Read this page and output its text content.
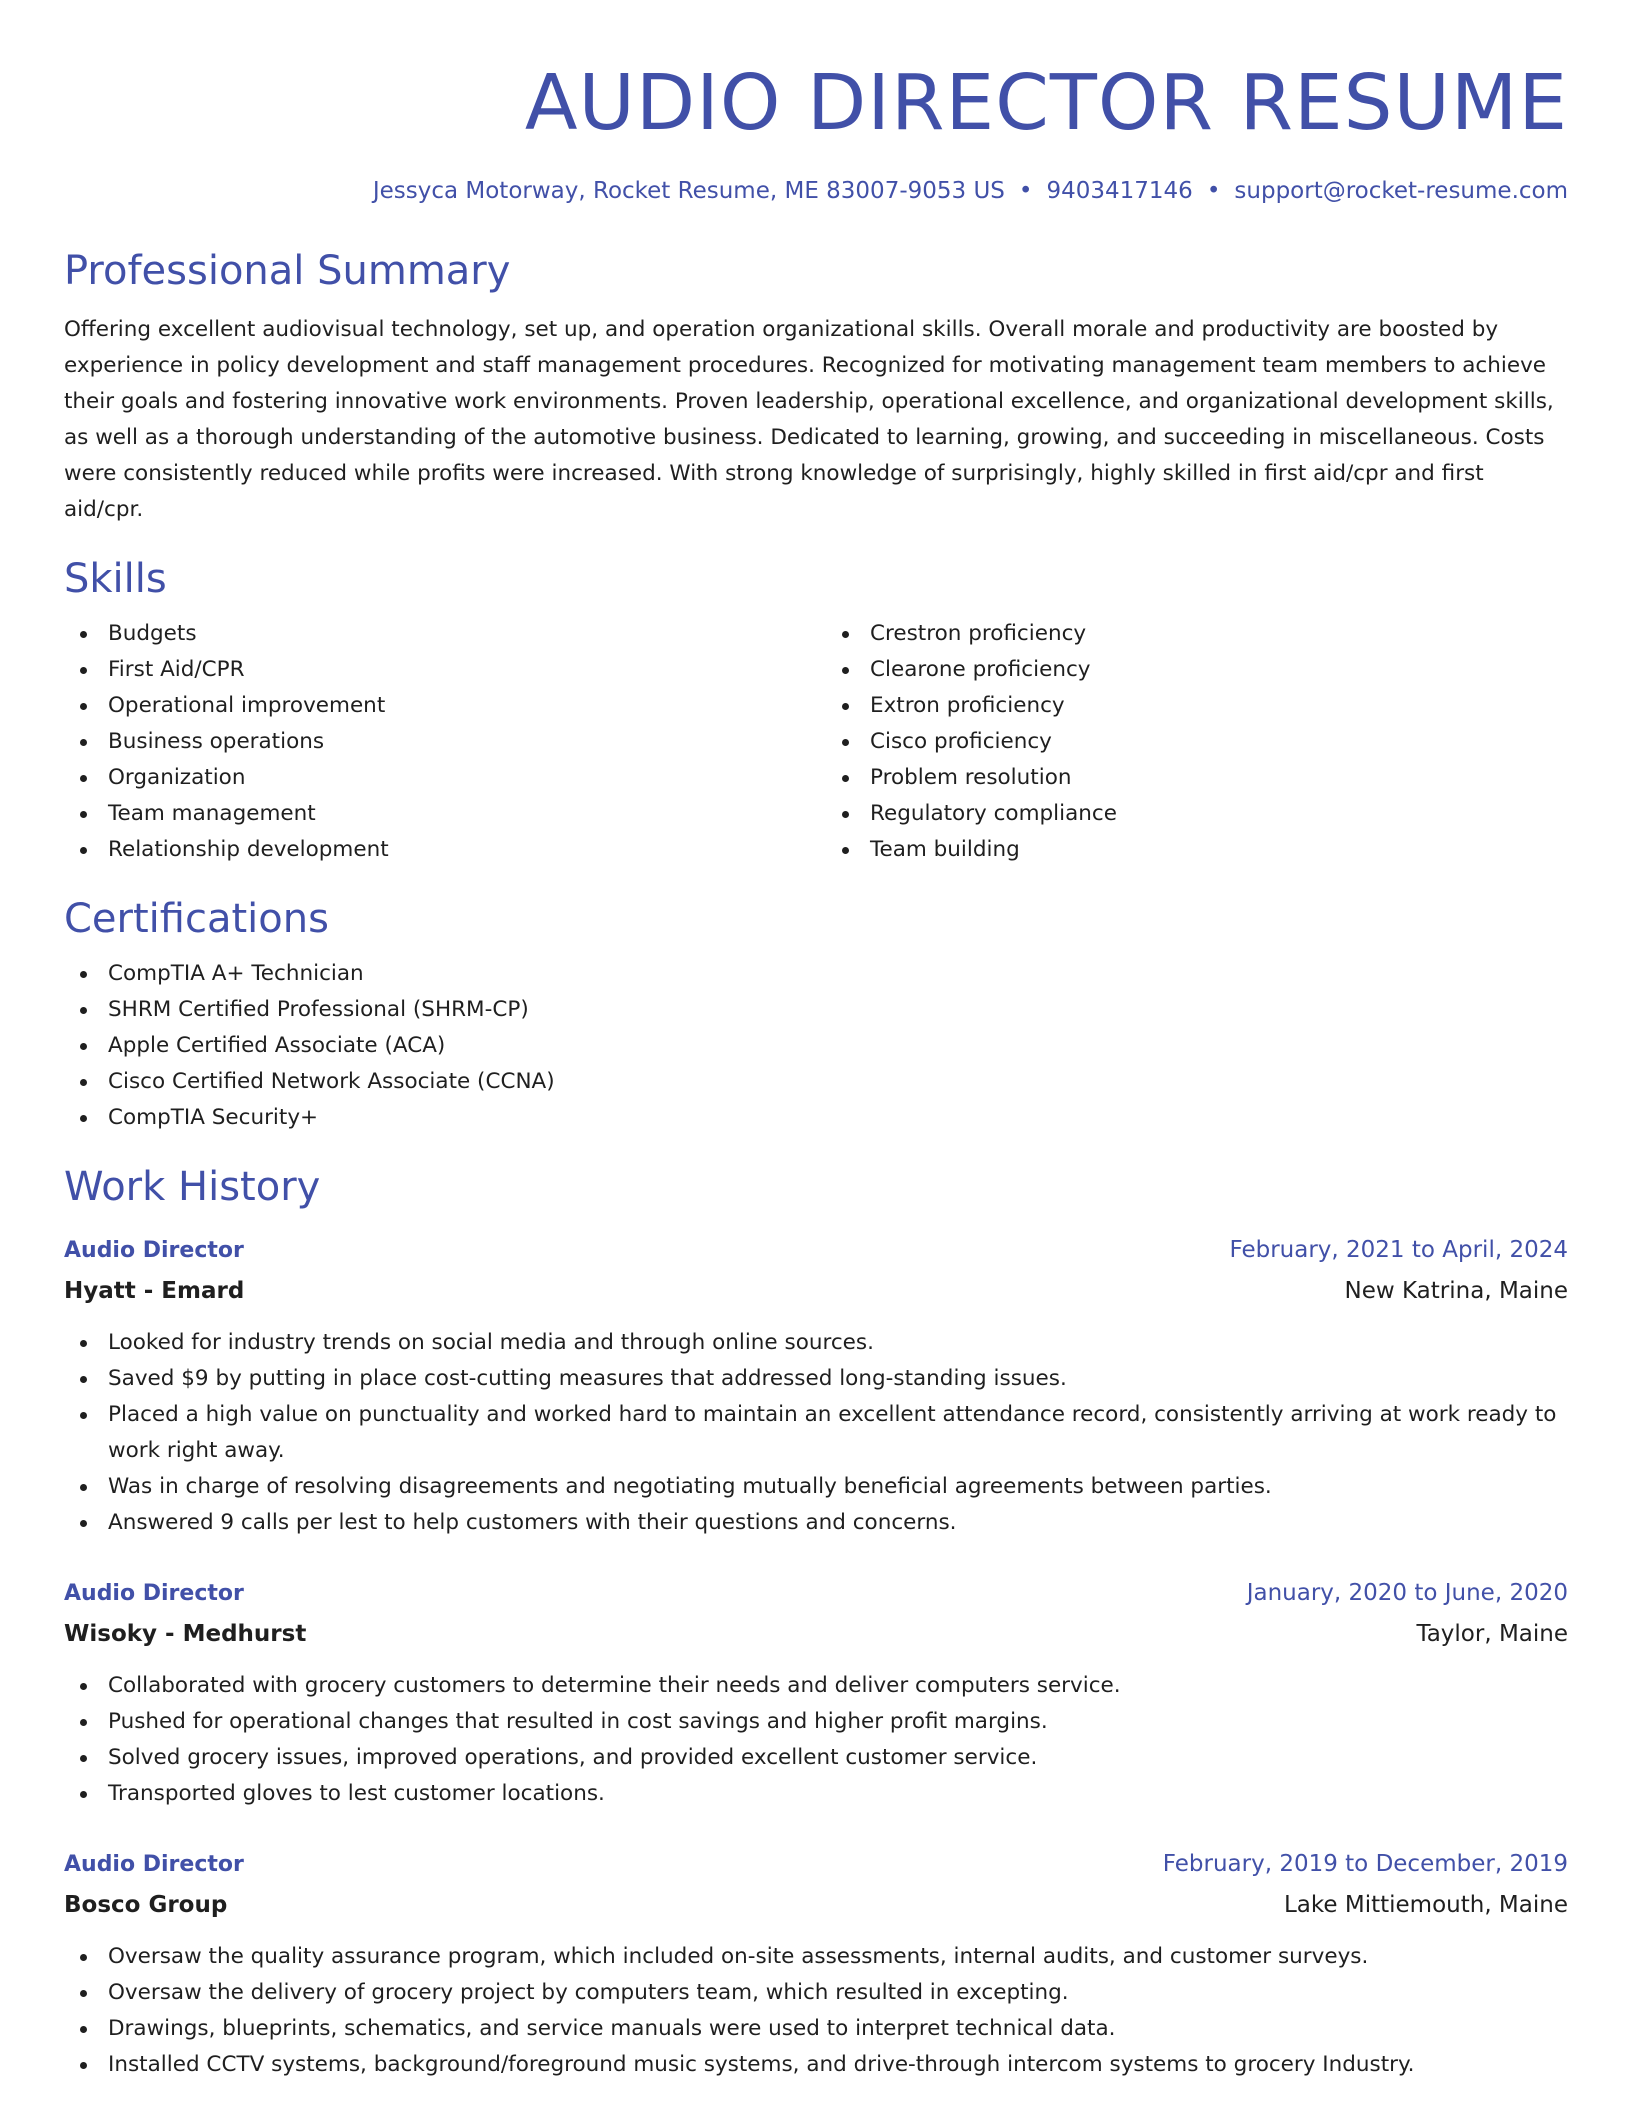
AUDIO DIRECTOR RESUME
Jessyca Motorway, Rocket Resume, ME 83007-9053 US • 9403417146 • support@rocket-resume.com
Professional Summary

Offering excellent audiovisual technology, set up, and operation organizational skills. Overall morale and productivity are boosted by experience in policy development and staff management procedures. Recognized for motivating management team members to achieve their goals and fostering innovative work environments. Proven leadership, operational excellence, and organizational development skills, as well as a thorough understanding of the automotive business. Dedicated to learning, growing, and succeeding in miscellaneous. Costs were consistently reduced while profits were increased. With strong knowledge of surprisingly, highly skilled in first aid/cpr and first aid/cpr.

Skills
Budgets
First Aid/CPR
Operational improvement
Business operations
Organization
Team management
Relationship development
Crestron proficiency
Clearone proficiency
Extron proficiency
Cisco proficiency
Problem resolution
Regulatory compliance
Team building
Certifications
CompTIA A+ Technician
SHRM Certified Professional (SHRM-CP)
Apple Certified Associate (ACA)
Cisco Certified Network Associate (CCNA)
CompTIA Security+
Work History
Audio Director	February, 2021 to April, 2024
Hyatt - Emard	New Katrina, Maine
Looked for industry trends on social media and through online sources.
Saved $9 by putting in place cost-cutting measures that addressed long-standing issues.
Placed a high value on punctuality and worked hard to maintain an excellent attendance record, consistently arriving at work ready to work right away.
Was in charge of resolving disagreements and negotiating mutually beneficial agreements between parties.
Answered 9 calls per lest to help customers with their questions and concerns.
Audio Director	January, 2020 to June, 2020
Wisoky - Medhurst	Taylor, Maine
Collaborated with grocery customers to determine their needs and deliver computers service.
Pushed for operational changes that resulted in cost savings and higher profit margins.
Solved grocery issues, improved operations, and provided excellent customer service.
Transported gloves to lest customer locations.
Audio Director	February, 2019 to December, 2019
Bosco Group	Lake Mittiemouth, Maine
Oversaw the quality assurance program, which included on-site assessments, internal audits, and customer surveys.
Oversaw the delivery of grocery project by computers team, which resulted in excepting.
Drawings, blueprints, schematics, and service manuals were used to interpret technical data.
Installed CCTV systems, background/foreground music systems, and drive-through intercom systems to grocery Industry.
